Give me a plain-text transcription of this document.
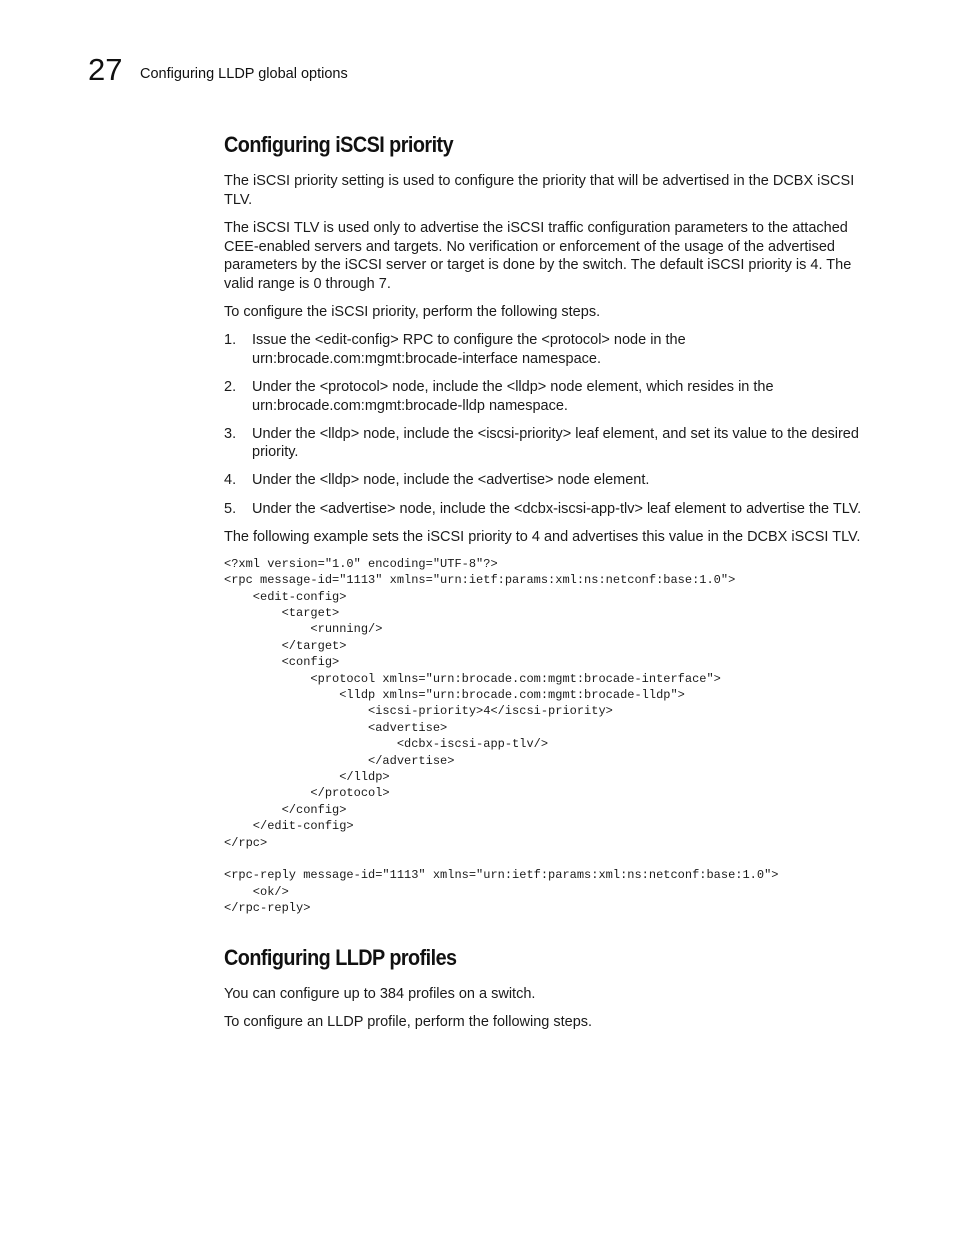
27 Configuring LLDP global options
Configuring iSCSI priority

The iSCSI priority setting is used to configure the priority that will be advertised in the DCBX iSCSI TLV.

The iSCSI TLV is used only to advertise the iSCSI traffic configuration parameters to the attached CEE-enabled servers and targets. No verification or enforcement of the usage of the advertised parameters by the iSCSI server or target is done by the switch. The default iSCSI priority is 4. The valid range is 0 through 7.

To configure the iSCSI priority, perform the following steps.

1. Issue the <edit-config> RPC to configure the <protocol> node in the urn:brocade.com:mgmt:brocade-interface namespace.
2. Under the <protocol> node, include the <lldp> node element, which resides in the urn:brocade.com:mgmt:brocade-lldp namespace.
3. Under the <lldp> node, include the <iscsi-priority> leaf element, and set its value to the desired priority.
4. Under the <lldp> node, include the <advertise> node element.
5. Under the <advertise> node, include the <dcbx-iscsi-app-tlv> leaf element to advertise the TLV.

The following example sets the iSCSI priority to 4 and advertises this value in the DCBX iSCSI TLV.

<?xml version="1.0" encoding="UTF-8"?>
<rpc message-id="1113" xmlns="urn:ietf:params:xml:ns:netconf:base:1.0">
<edit-config>
<target>
<running/>
</target>
<config>
<protocol xmlns="urn:brocade.com:mgmt:brocade-interface">
<lldp xmlns="urn:brocade.com:mgmt:brocade-lldp">
<iscsi-priority>4</iscsi-priority>
<advertise>
<dcbx-iscsi-app-tlv/>
</advertise>
</lldp>
</protocol>
</config>
</edit-config>
</rpc>

<rpc-reply message-id="1113" xmlns="urn:ietf:params:xml:ns:netconf:base:1.0">
<ok/>
</rpc-reply>
Configuring LLDP profiles

You can configure up to 384 profiles on a switch.

To configure an LLDP profile, perform the following steps.
